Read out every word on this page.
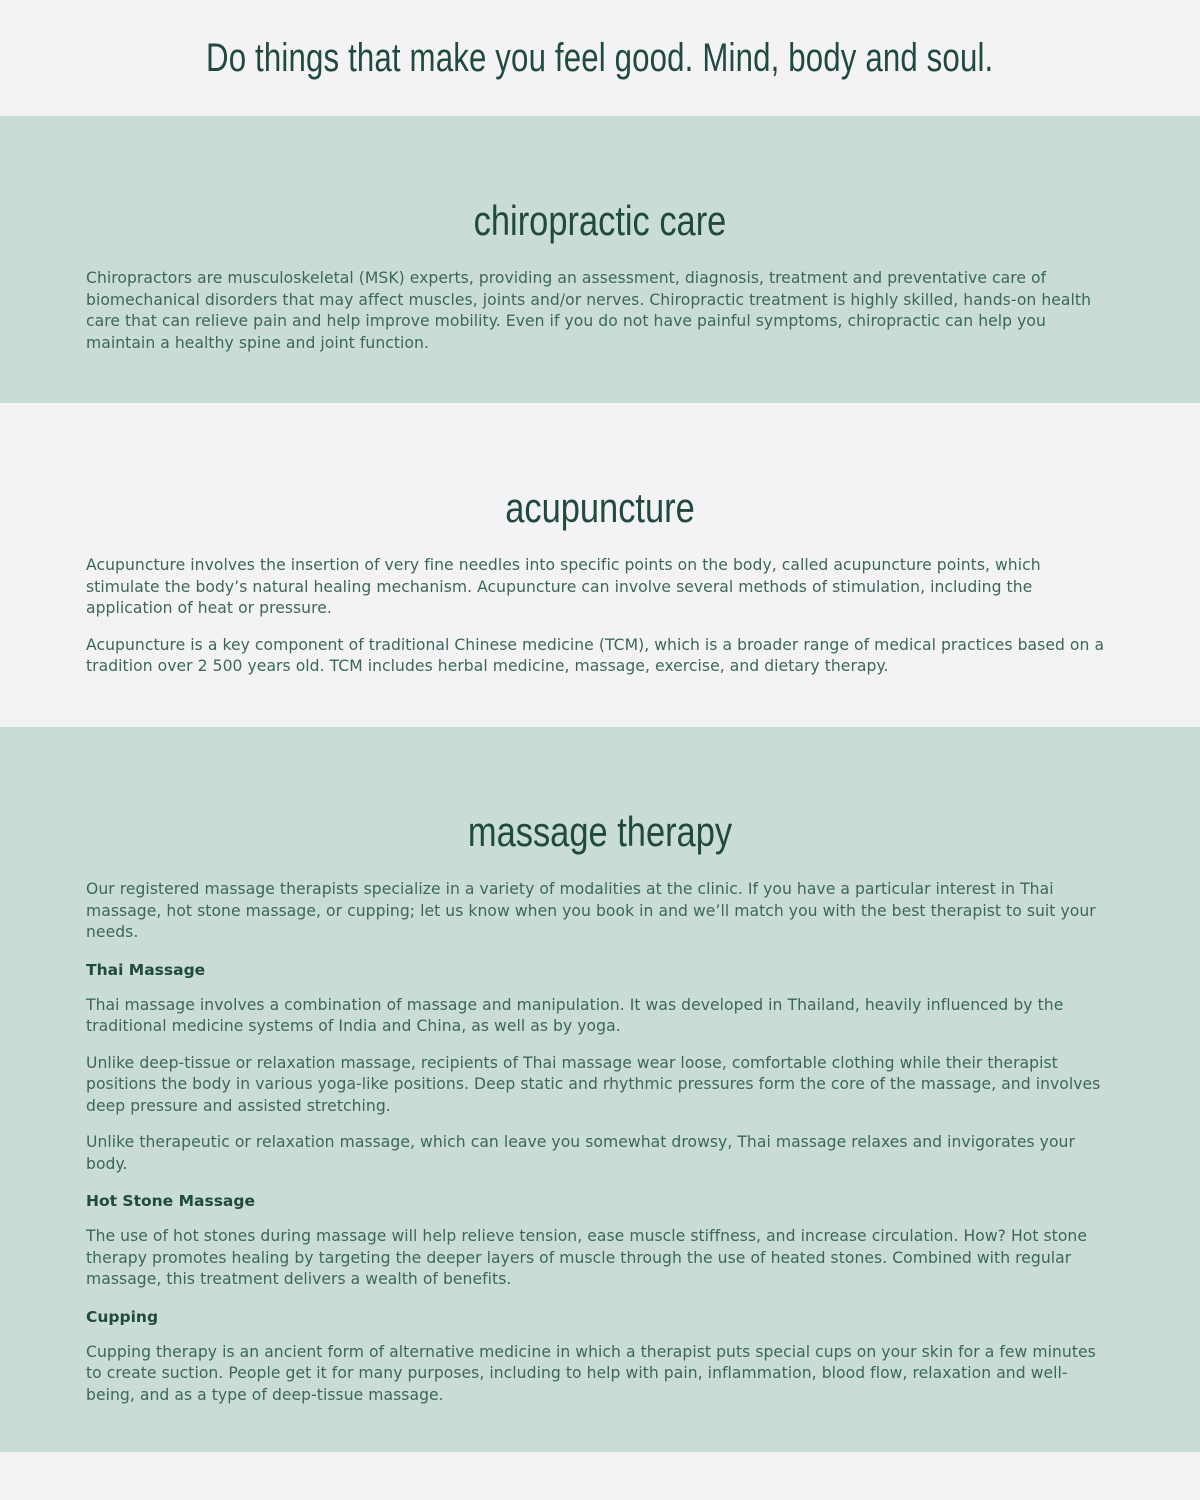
Do things that make you feel good. Mind, body and soul.
chiropractic care

Chiropractors are musculoskeletal (MSK) experts, providing an assessment, diagnosis, treatment and preventative care of biomechanical disorders that may affect muscles, joints and/or nerves. Chiropractic treatment is highly skilled, hands-on health care that can relieve pain and help improve mobility. Even if you do not have painful symptoms, chiropractic can help you maintain a healthy spine and joint function.

acupuncture

Acupuncture involves the insertion of very fine needles into specific points on the body, called acupuncture points, which stimulate the body’s natural healing mechanism. Acupuncture can involve several methods of stimulation, including the application of heat or pressure.

Acupuncture is a key component of traditional Chinese medicine (TCM), which is a broader range of medical practices based on a tradition over 2 500 years old. TCM includes herbal medicine, massage, exercise, and dietary therapy.

massage therapy

Our registered massage therapists specialize in a variety of modalities at the clinic. If you have a particular interest in Thai massage, hot stone massage, or cupping; let us know when you book in and we’ll match you with the best therapist to suit your needs.

Thai Massage

Thai massage involves a combination of massage and manipulation. It was developed in Thailand, heavily influenced by the traditional medicine systems of India and China, as well as by yoga.

Unlike deep-tissue or relaxation massage, recipients of Thai massage wear loose, comfortable clothing while their therapist positions the body in various yoga-like positions. Deep static and rhythmic pressures form the core of the massage, and involves deep pressure and assisted stretching.

Unlike therapeutic or relaxation massage, which can leave you somewhat drowsy, Thai massage relaxes and invigorates your body.

Hot Stone Massage

The use of hot stones during massage will help relieve tension, ease muscle stiffness, and increase circulation. How? Hot stone therapy promotes healing by targeting the deeper layers of muscle through the use of heated stones. Combined with regular massage, this treatment delivers a wealth of benefits.

Cupping

Cupping therapy is an ancient form of alternative medicine in which a therapist puts special cups on your skin for a few minutes to create suction. People get it for many purposes, including to help with pain, inflammation, blood flow, relaxation and well-being, and as a type of deep-tissue massage.
